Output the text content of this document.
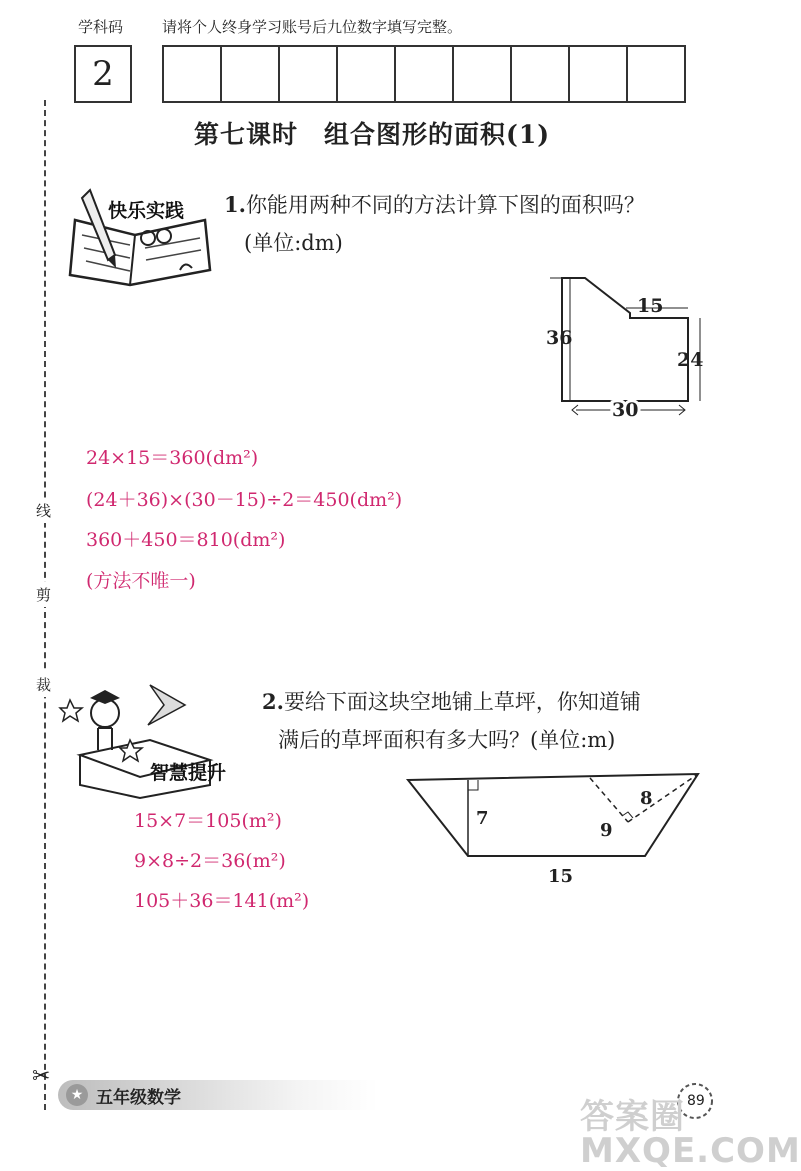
学科码	请将个人终身学习账号后九位数字填写完整。
2
第七课时　组合图形的面积(1)
线
剪
裁
✂
快乐实践 1.你能用两种不同的方法计算下图的面积吗？
(单位:dm)
36
15
24
30
24×15＝360(dm²)
(24＋36)×(30－15)÷2＝450(dm²)
360＋450＝810(dm²)
(方法不唯一)
智慧提升
2.要给下面这块空地铺上草坪，你知道铺
满后的草坪面积有多大吗？(单位:m)
7
8
9
15
15×7＝105(m²)
9×8÷2＝36(m²)
105＋36＝141(m²)
★ 五年级数学	89
答案圈
MXQE.COM
